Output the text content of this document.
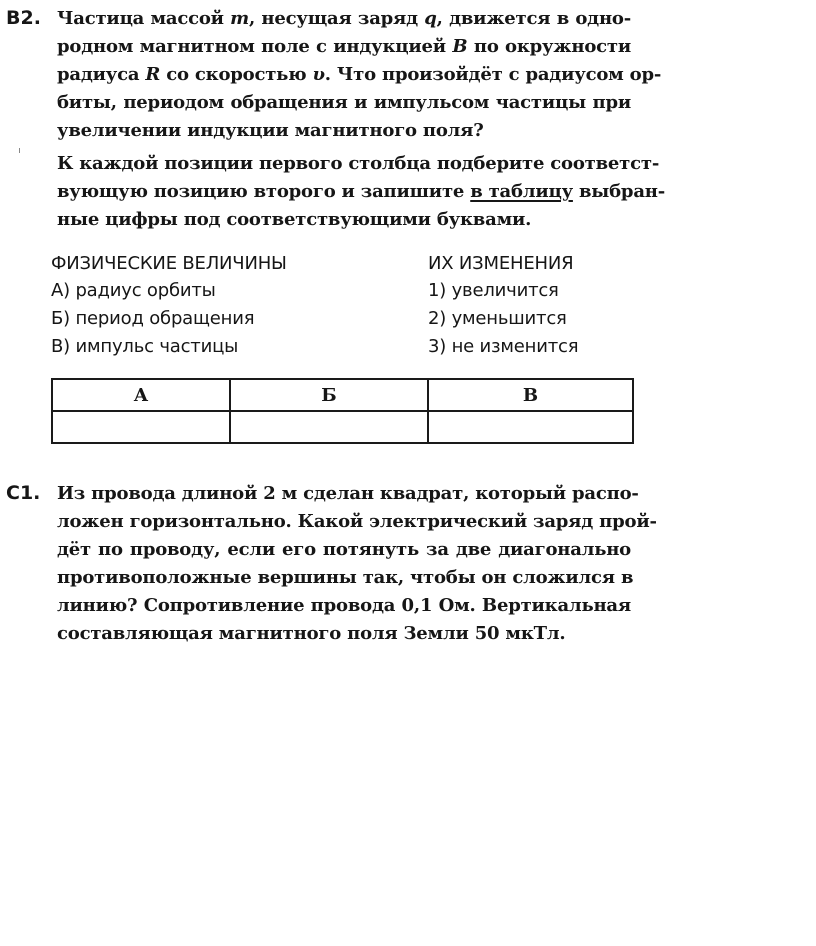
B2. Частица массой m, несущая заряд q, движется в одно-
родном магнитном поле с индукцией B по окружности
радиуса R со скоростью υ. Что произойдёт с радиусом ор-
биты, периодом обращения и импульсом частицы при
увеличении индукции магнитного поля?
К каждой позиции первого столбца подберите соответст-
вующую позицию второго и запишите в таблицу выбран-
ные цифры под соответствующими буквами.
ФИЗИЧЕСКИЕ ВЕЛИЧИНЫ	ИХ ИЗМЕНЕНИЯ
А) радиус орбиты
Б) период обращения
В) импульс частицы
1) увеличится
2) уменьшится
3) не изменится
А	Б	В

С1. Из провода длиной 2 м сделан квадрат, который распо-
ложен горизонтально. Какой электрический заряд прой-
дёт по проводу, если его потянуть за две диагонально
противоположные вершины так, чтобы он сложился в
линию? Сопротивление провода 0,1 Ом. Вертикальная
составляющая магнитного поля Земли 50 мкТл.
